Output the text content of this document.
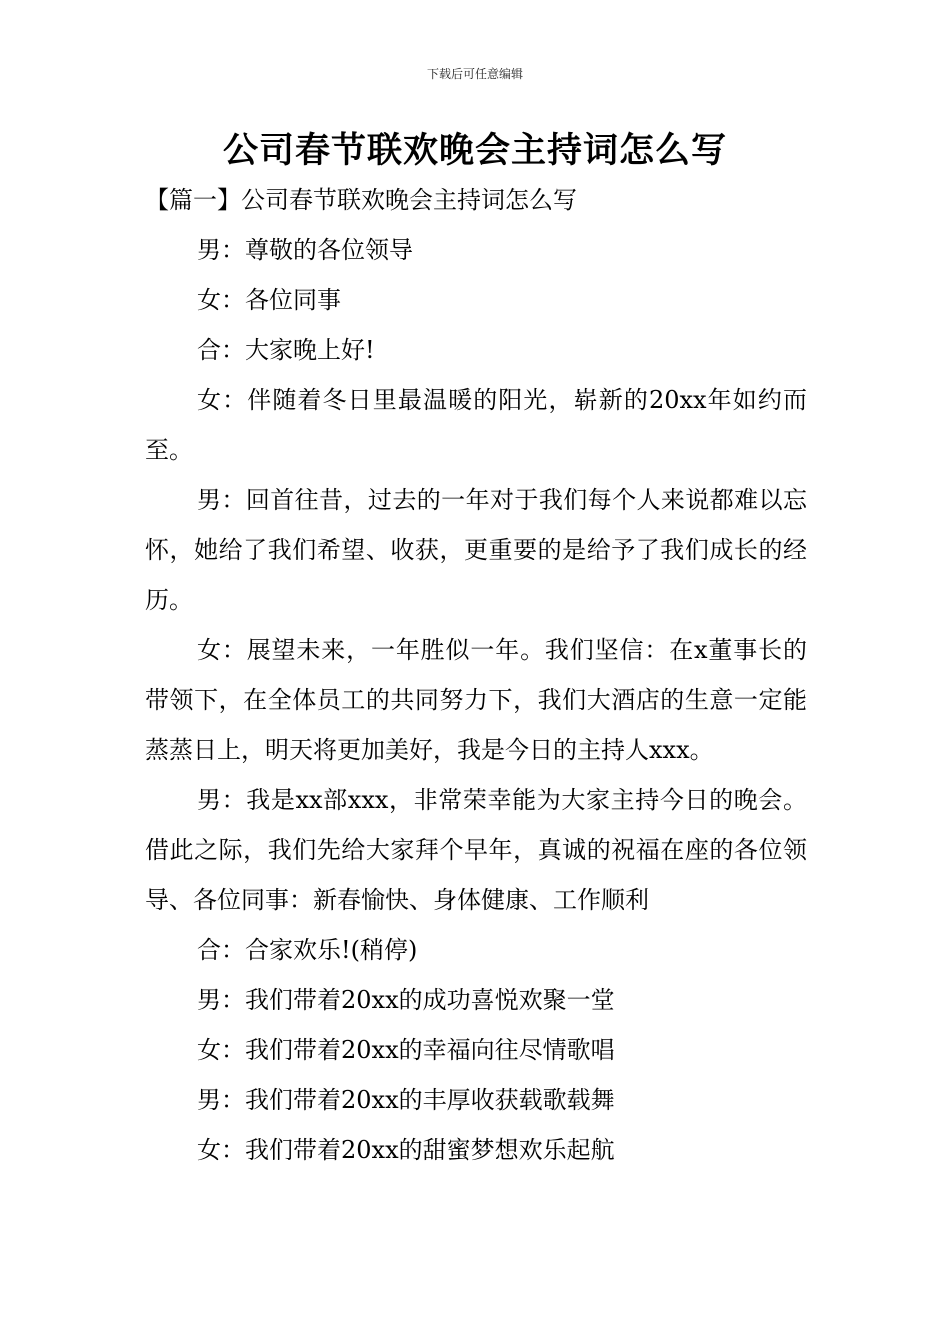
下载后可任意编辑
公司春节联欢晚会主持词怎么写

【篇一】公司春节联欢晚会主持词怎么写

男：尊敬的各位领导

女：各位同事

合：大家晚上好!

女：伴随着冬日里最温暖的阳光，崭新的20xx年如约而至。

男：回首往昔，过去的一年对于我们每个人来说都难以忘怀，她给了我们希望、收获，更重要的是给予了我们成长的经历。

女：展望未来，一年胜似一年。我们坚信：在x董事长的带领下，在全体员工的共同努力下，我们大酒店的生意一定能蒸蒸日上，明天将更加美好，我是今日的主持人xxx。

男：我是xx部xxx，非常荣幸能为大家主持今日的晚会。借此之际，我们先给大家拜个早年，真诚的祝福在座的各位领导、各位同事：新春愉快、身体健康、工作顺利

合：合家欢乐!(稍停)

男：我们带着20xx的成功喜悦欢聚一堂

女：我们带着20xx的幸福向往尽情歌唱

男：我们带着20xx的丰厚收获载歌载舞

女：我们带着20xx的甜蜜梦想欢乐起航
